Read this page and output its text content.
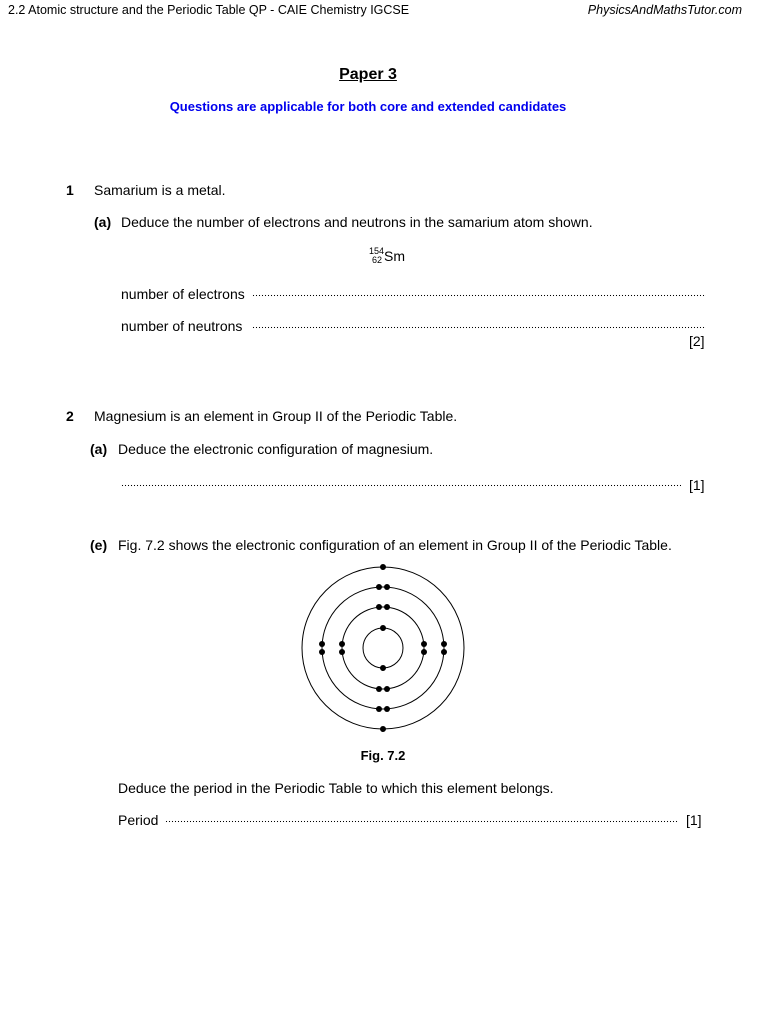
2.2 Atomic structure and the Periodic Table QP - CAIE Chemistry IGCSE	PhysicsAndMathsTutor.com
Paper 3
Questions are applicable for both core and extended candidates
1 Samarium is a metal.
(a) Deduce the number of electrons and neutrons in the samarium atom shown.
154
62 Sm
number of electrons
number of neutrons
[2]
2 Magnesium is an element in Group II of the Periodic Table.
(a) Deduce the electronic configuration of magnesium.
[1]
(e) Fig. 7.2 shows the electronic configuration of an element in Group II of the Periodic Table.
Fig. 7.2
Deduce the period in the Periodic Table to which this element belongs.
Period	[1]
